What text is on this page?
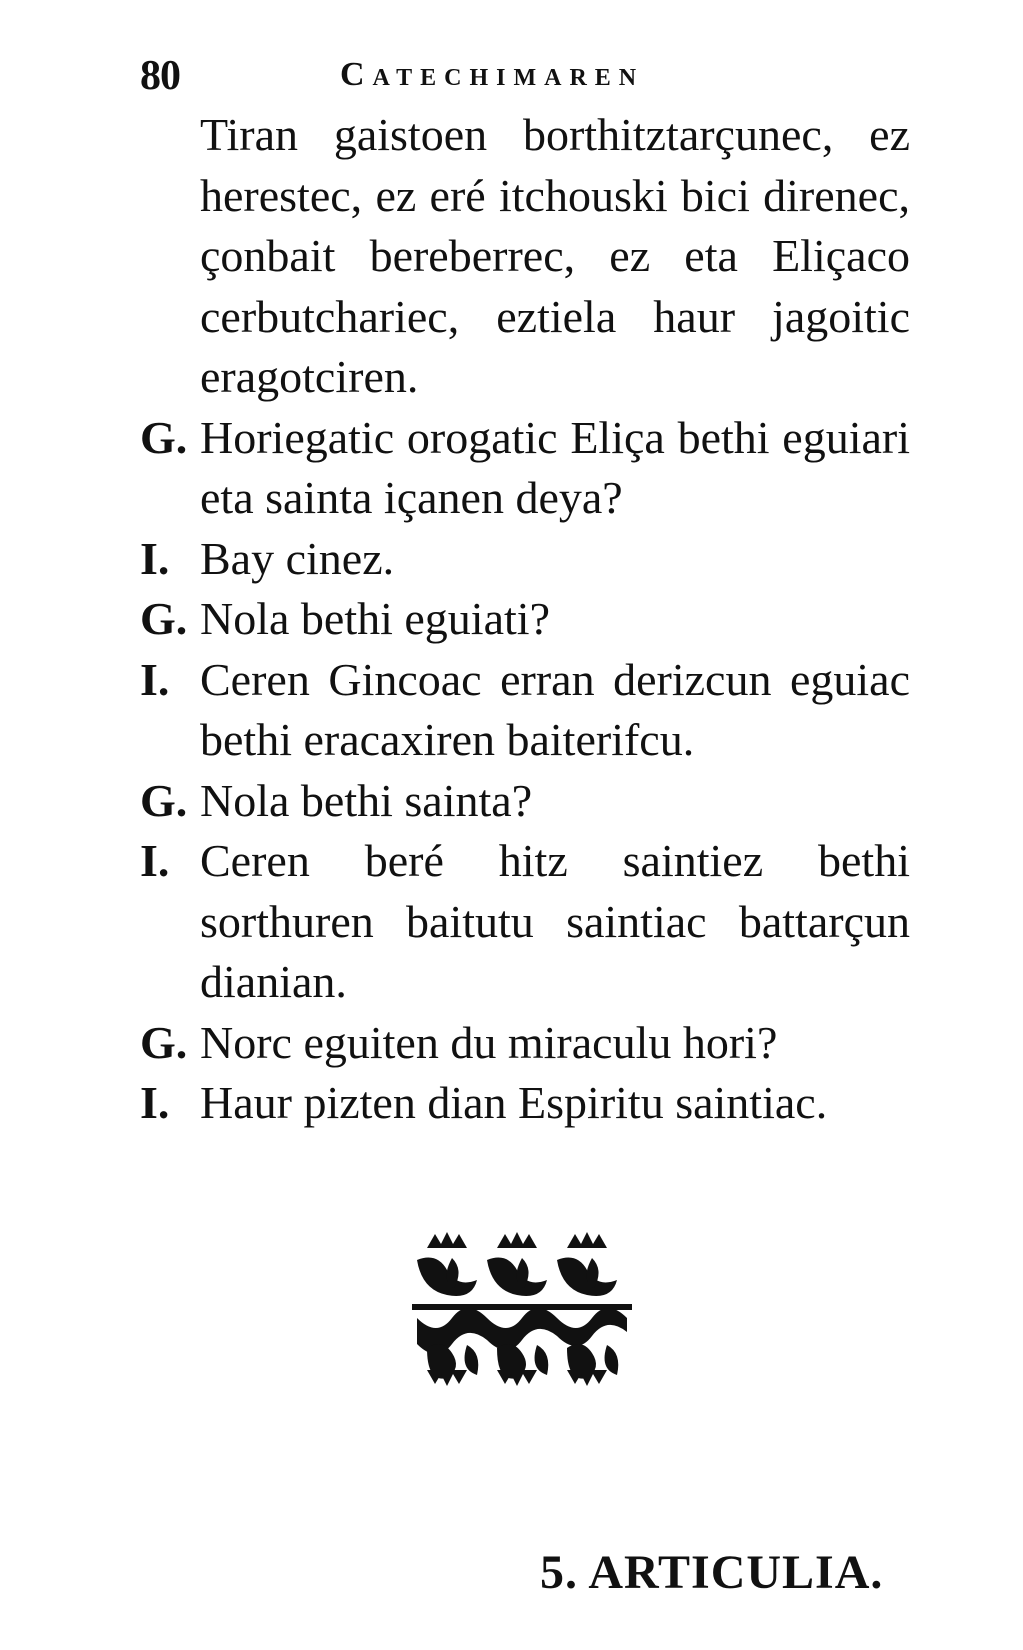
80	Catechimaren
Tiran gaistoen borthitztarçunec, ez herestec, ez eré itchouski bici direnec, çonbait bereberrec, ez eta Eliçaco cerbutchariec, eztiela haur jagoitic eragotciren.
G. Horiegatic orogatic Eliça bethi eguiari eta sainta içanen deya?
I. Bay cinez.
G. Nola bethi eguiati?
I. Ceren Gincoac erran derizcun eguiac bethi eracaxiren baiterifcu.
G. Nola bethi sainta?
I. Ceren beré hitz saintiez bethi sorthuren baitutu saintiac battarçun dianian.
G. Norc eguiten du miraculu hori?
I. Haur pizten dian Espiritu saintiac.
5. ARTICULIA.
